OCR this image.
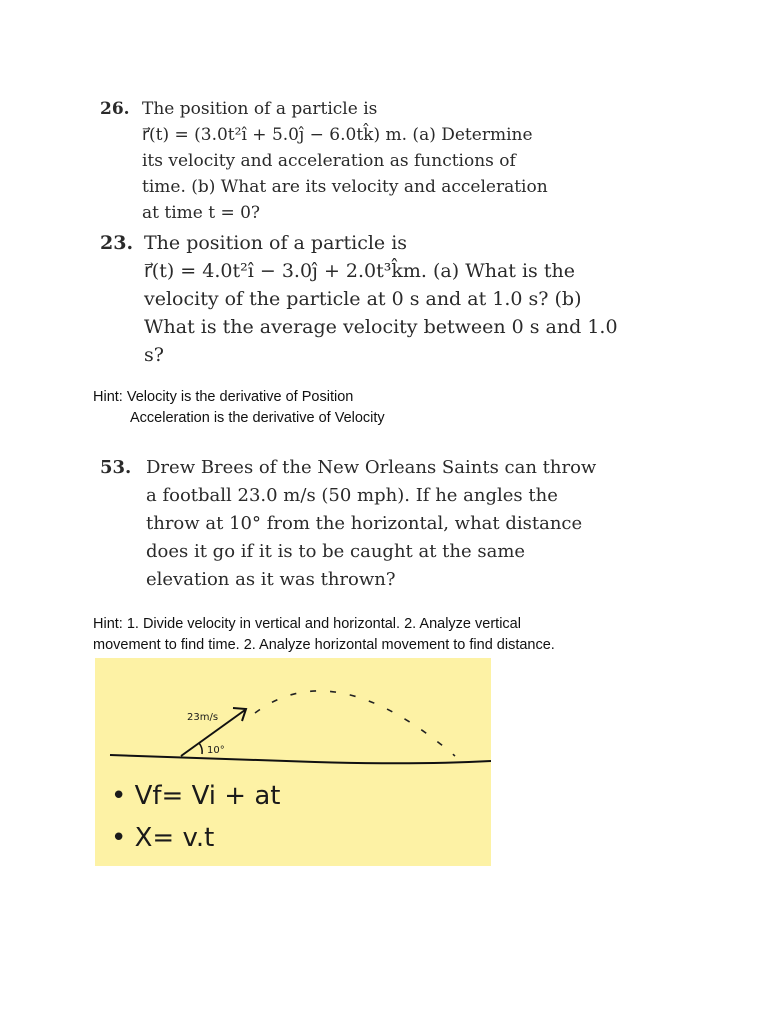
26. The position of a particle is
r⃗(t) = (3.0t²î + 5.0ĵ − 6.0tk̂) m. (a) Determine
its velocity and acceleration as functions of
time. (b) What are its velocity and acceleration
at time t = 0?
23. The position of a particle is
r⃗(t) = 4.0t²î − 3.0ĵ + 2.0t³k̂m. (a) What is the
velocity of the particle at 0 s and at 1.0 s? (b)
What is the average velocity between 0 s and 1.0
s?
Hint: Velocity is the derivative of Position
Acceleration is the derivative of Velocity
53. Drew Brees of the New Orleans Saints can throw
a football 23.0 m/s (50 mph). If he angles the
throw at 10° from the horizontal, what distance
does it go if it is to be caught at the same
elevation as it was thrown?
Hint: 1. Divide velocity in vertical and horizontal. 2. Analyze vertical
movement to find time. 2. Analyze horizontal movement to find distance.
23m/s
10°
• Vf= Vi + at
• X= v.t
